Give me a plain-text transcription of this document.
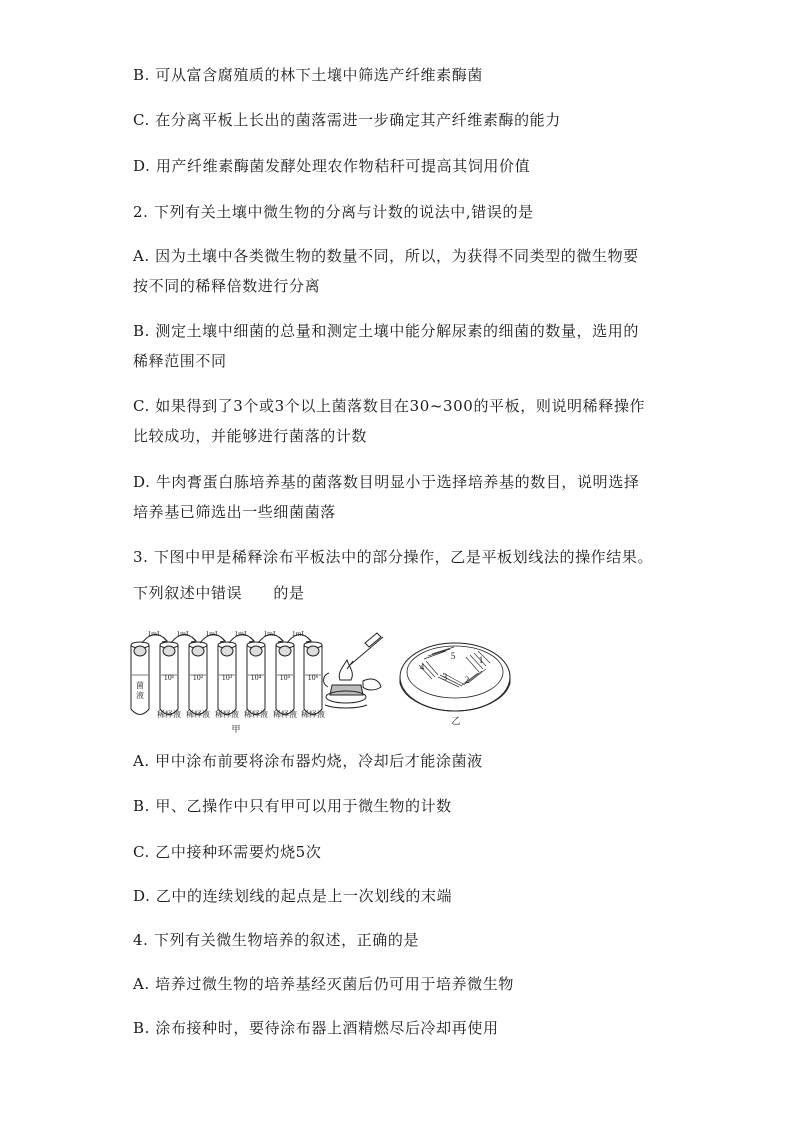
B. 可从富含腐殖质的林下土壤中筛选产纤维素酶菌
C. 在分离平板上长出的菌落需进一步确定其产纤维素酶的能力
D. 用产纤维素酶菌发酵处理农作物秸秆可提高其饲用价值
2. 下列有关土壤中微生物的分离与计数的说法中,错误的是
A. 因为土壤中各类微生物的数量不同，所以，为获得不同类型的微生物要
按不同的稀释倍数进行分离
B. 测定土壤中细菌的总量和测定土壤中能分解尿素的细菌的数量，选用的
稀释范围不同
C. 如果得到了3个或3个以上菌落数目在30~300的平板，则说明稀释操作
比较成功，并能够进行菌落的计数
D. 牛肉膏蛋白胨培养基的菌落数目明显小于选择培养基的数目，说明选择
培养基已筛选出一些细菌菌落
3. 下图中甲是稀释涂布平板法中的部分操作，乙是平板划线法的操作结果。
下列叙述中错误　　的是
A. 甲中涂布前要将涂布器灼烧，冷却后才能涂菌液
B. 甲、乙操作中只有甲可以用于微生物的计数
C. 乙中接种环需要灼烧5次
D. 乙中的连续划线的起点是上一次划线的末端
4. 下列有关微生物培养的叙述，正确的是
A. 培养过微生物的培养基经灭菌后仍可用于培养微生物
B. 涂布接种时，要待涂布器上酒精燃尽后冷却再使用
菌
液
10¹
稀释液
10²
稀释液
10³
稀释液
10⁴
稀释液
10⁵
稀释液
10⁶
稀释液
1mL 1mL 1mL 1mL 1mL 1mL
甲
1
2
3
4
5
乙
